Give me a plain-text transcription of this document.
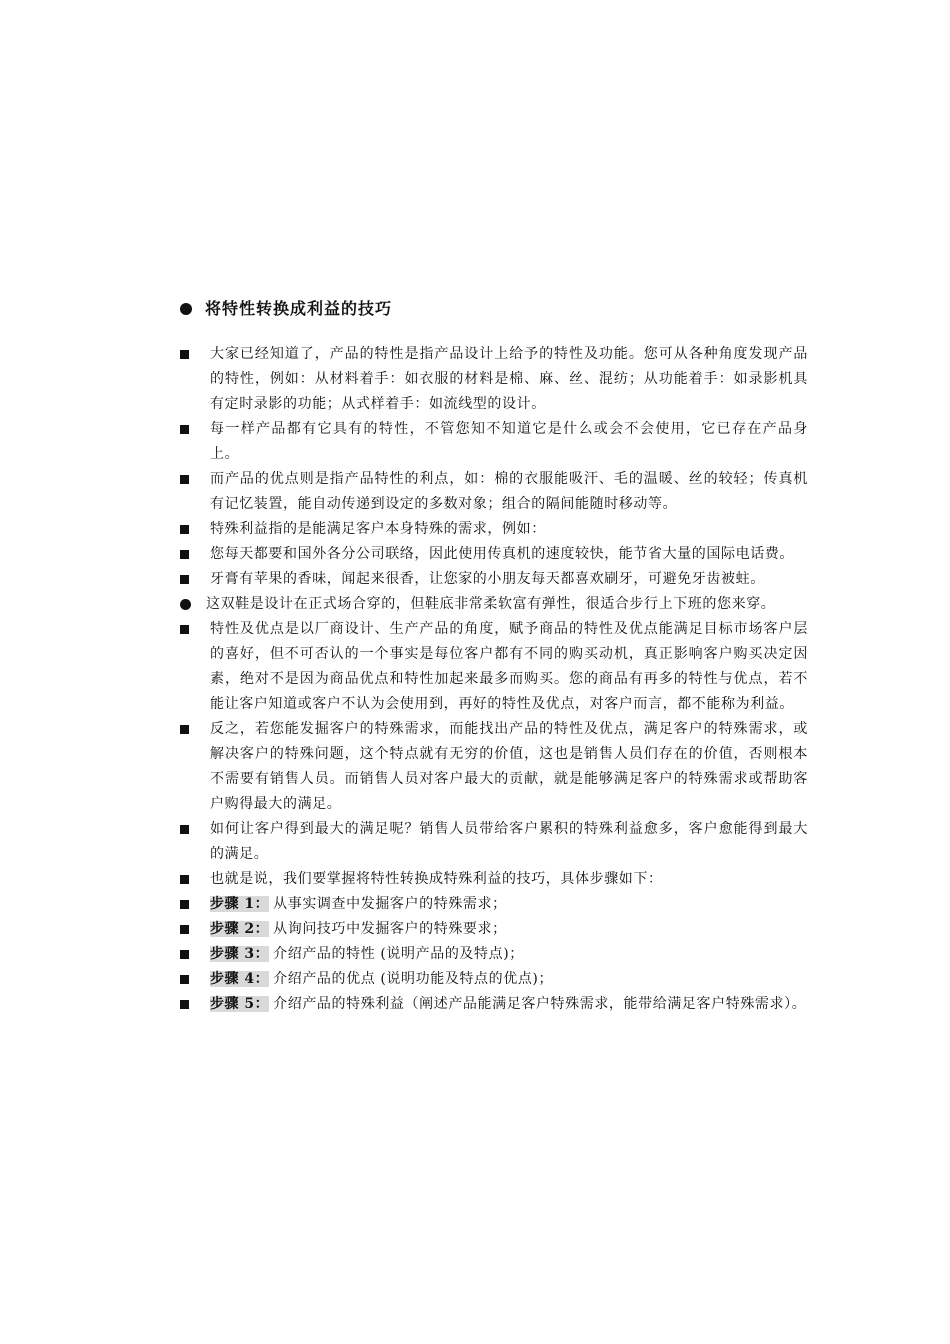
将特性转换成利益的技巧
大家已经知道了，产品的特性是指产品设计上给予的特性及功能。您可从各种角度发现产品的特性，例如：从材料着手：如衣服的材料是棉、麻、丝、混纺；从功能着手：如录影机具有定时录影的功能；从式样着手：如流线型的设计。
每一样产品都有它具有的特性，不管您知不知道它是什么或会不会使用，它已存在产品身上。
而产品的优点则是指产品特性的利点，如：棉的衣服能吸汗、毛的温暖、丝的较轻；传真机有记忆装置，能自动传递到设定的多数对象；组合的隔间能随时移动等。
特殊利益指的是能满足客户本身特殊的需求，例如：
您每天都要和国外各分公司联络，因此使用传真机的速度较快，能节省大量的国际电话费。
牙膏有苹果的香味，闻起来很香，让您家的小朋友每天都喜欢刷牙，可避免牙齿被蛀。
这双鞋是设计在正式场合穿的，但鞋底非常柔软富有弹性，很适合步行上下班的您来穿。
特性及优点是以厂商设计、生产产品的角度，赋予商品的特性及优点能满足目标市场客户层的喜好，但不可否认的一个事实是每位客户都有不同的购买动机，真正影响客户购买决定因素，绝对不是因为商品优点和特性加起来最多而购买。您的商品有再多的特性与优点，若不能让客户知道或客户不认为会使用到，再好的特性及优点，对客户而言，都不能称为利益。
反之，若您能发掘客户的特殊需求，而能找出产品的特性及优点，满足客户的特殊需求，或解决客户的特殊问题，这个特点就有无穷的价值，这也是销售人员们存在的价值，否则根本不需要有销售人员。而销售人员对客户最大的贡献，就是能够满足客户的特殊需求或帮助客户购得最大的满足。
如何让客户得到最大的满足呢？销售人员带给客户累积的特殊利益愈多，客户愈能得到最大的满足。
也就是说，我们要掌握将特性转换成特殊利益的技巧，具体步骤如下：
步骤 1： 从事实调查中发掘客户的特殊需求；
步骤 2： 从询问技巧中发掘客户的特殊要求；
步骤 3： 介绍产品的特性 (说明产品的及特点)；
步骤 4： 介绍产品的优点 (说明功能及特点的优点)；
步骤 5： 介绍产品的特殊利益（阐述产品能满足客户特殊需求，能带给满足客户特殊需求）。
